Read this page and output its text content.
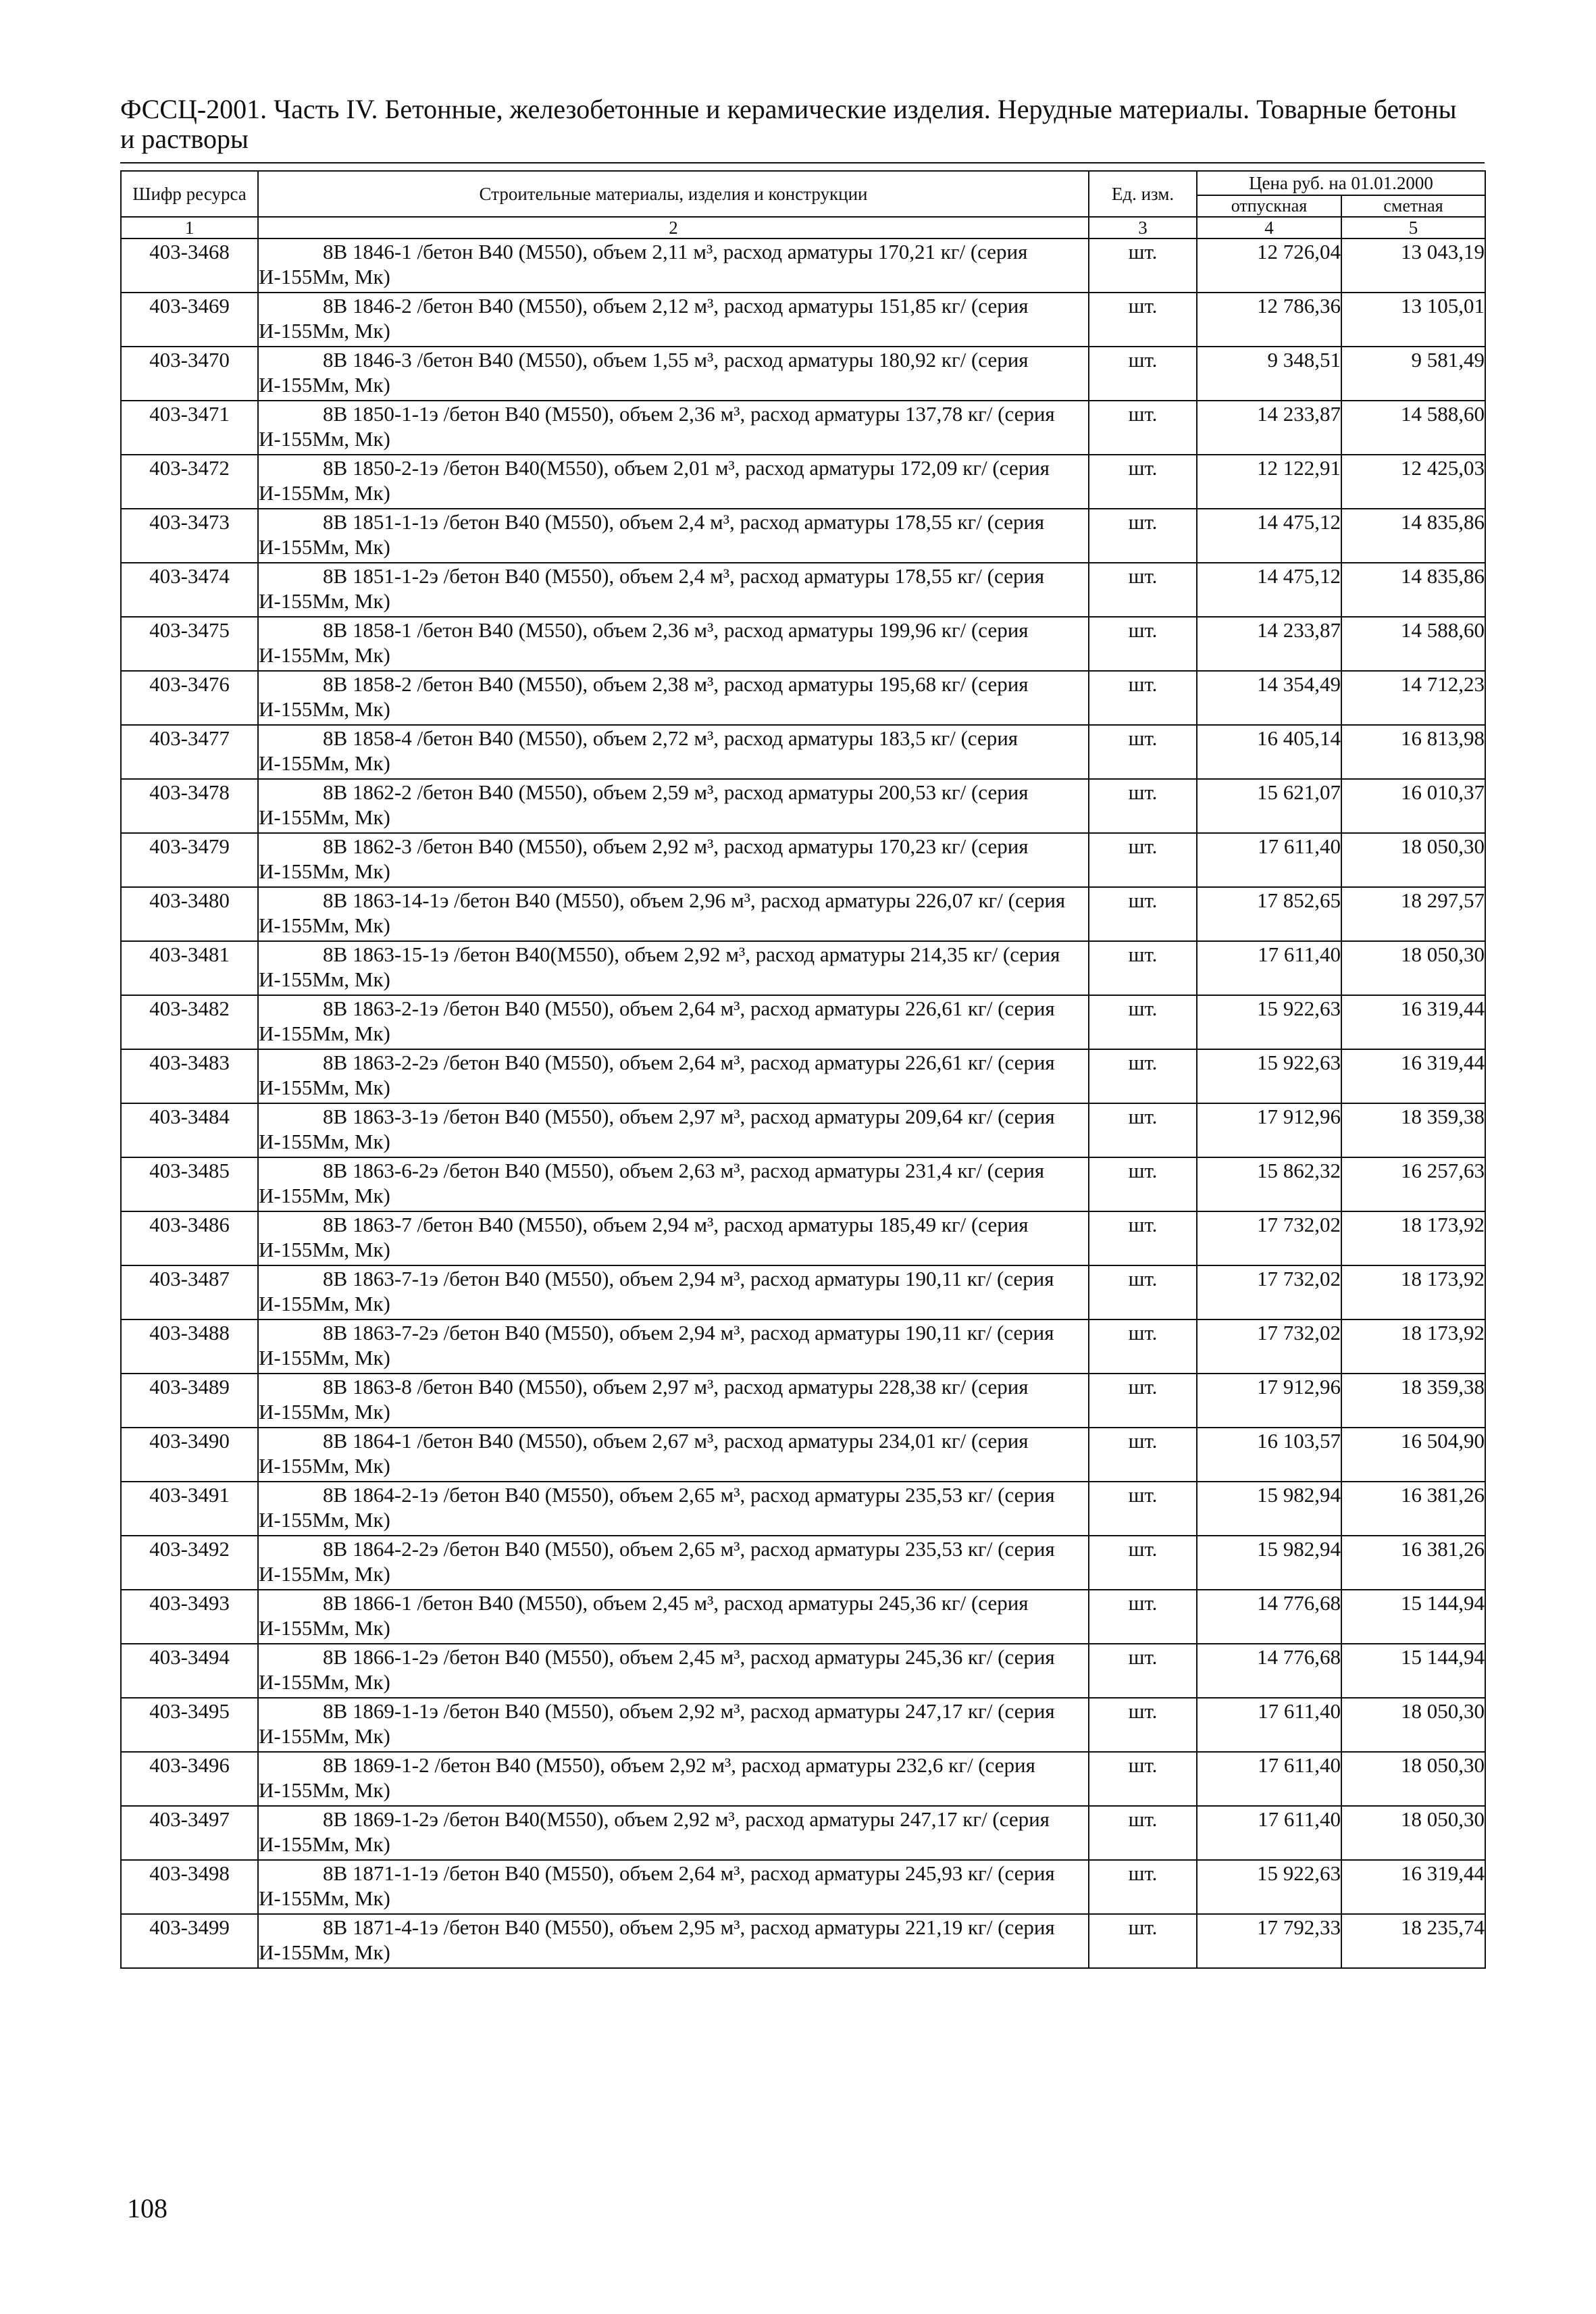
ФССЦ-2001. Часть IV. Бетонные, железобетонные и керамические изделия. Нерудные материалы. Товарные бетоны
и растворы
Шифр ресурса	Строительные материалы, изделия и конструкции	Ед. изм.	Цена руб. на 01.01.2000	
			отпускная	сметная
1	2	3	4	5
403-3468	8В 1846-1 /бетон В40 (М550), объем 2,11 м³, расход арматуры 170,21 кг/ (серия И-155Мм, Мк)	шт.	12 726,04	13 043,19
403-3469	8В 1846-2 /бетон В40 (М550), объем 2,12 м³, расход арматуры 151,85 кг/ (серия И-155Мм, Мк)	шт.	12 786,36	13 105,01
403-3470	8В 1846-3 /бетон В40 (М550), объем 1,55 м³, расход арматуры 180,92 кг/ (серия И-155Мм, Мк)	шт.	9 348,51	9 581,49
403-3471	8В 1850-1-1э /бетон В40 (М550), объем 2,36 м³, расход арматуры 137,78 кг/ (серия И-155Мм, Мк)	шт.	14 233,87	14 588,60
403-3472	8В 1850-2-1э /бетон В40(М550), объем 2,01 м³, расход арматуры 172,09 кг/ (серия И-155Мм, Мк)	шт.	12 122,91	12 425,03
403-3473	8В 1851-1-1э /бетон В40 (М550), объем 2,4 м³, расход арматуры 178,55 кг/ (серия И-155Мм, Мк)	шт.	14 475,12	14 835,86
403-3474	8В 1851-1-2э /бетон В40 (М550), объем 2,4 м³, расход арматуры 178,55 кг/ (серия И-155Мм, Мк)	шт.	14 475,12	14 835,86
403-3475	8В 1858-1 /бетон В40 (М550), объем 2,36 м³, расход арматуры 199,96 кг/ (серия И-155Мм, Мк)	шт.	14 233,87	14 588,60
403-3476	8В 1858-2 /бетон В40 (М550), объем 2,38 м³, расход арматуры 195,68 кг/ (серия И-155Мм, Мк)	шт.	14 354,49	14 712,23
403-3477	8В 1858-4 /бетон В40 (М550), объем 2,72 м³, расход арматуры 183,5 кг/ (серия И-155Мм, Мк)	шт.	16 405,14	16 813,98
403-3478	8В 1862-2 /бетон В40 (М550), объем 2,59 м³, расход арматуры 200,53 кг/ (серия И-155Мм, Мк)	шт.	15 621,07	16 010,37
403-3479	8В 1862-3 /бетон В40 (М550), объем 2,92 м³, расход арматуры 170,23 кг/ (серия И-155Мм, Мк)	шт.	17 611,40	18 050,30
403-3480	8В 1863-14-1э /бетон В40 (М550), объем 2,96 м³, расход арматуры 226,07 кг/ (серия И-155Мм, Мк)	шт.	17 852,65	18 297,57
403-3481	8В 1863-15-1э /бетон В40(М550), объем 2,92 м³, расход арматуры 214,35 кг/ (серия И-155Мм, Мк)	шт.	17 611,40	18 050,30
403-3482	8В 1863-2-1э /бетон В40 (М550), объем 2,64 м³, расход арматуры 226,61 кг/ (серия И-155Мм, Мк)	шт.	15 922,63	16 319,44
403-3483	8В 1863-2-2э /бетон В40 (М550), объем 2,64 м³, расход арматуры 226,61 кг/ (серия И-155Мм, Мк)	шт.	15 922,63	16 319,44
403-3484	8В 1863-3-1э /бетон В40 (М550), объем 2,97 м³, расход арматуры 209,64 кг/ (серия И-155Мм, Мк)	шт.	17 912,96	18 359,38
403-3485	8В 1863-6-2э /бетон В40 (М550), объем 2,63 м³, расход арматуры 231,4 кг/ (серия И-155Мм, Мк)	шт.	15 862,32	16 257,63
403-3486	8В 1863-7 /бетон В40 (М550), объем 2,94 м³, расход арматуры 185,49 кг/ (серия И-155Мм, Мк)	шт.	17 732,02	18 173,92
403-3487	8В 1863-7-1э /бетон В40 (М550), объем 2,94 м³, расход арматуры 190,11 кг/ (серия И-155Мм, Мк)	шт.	17 732,02	18 173,92
403-3488	8В 1863-7-2э /бетон В40 (М550), объем 2,94 м³, расход арматуры 190,11 кг/ (серия И-155Мм, Мк)	шт.	17 732,02	18 173,92
403-3489	8В 1863-8 /бетон В40 (М550), объем 2,97 м³, расход арматуры 228,38 кг/ (серия И-155Мм, Мк)	шт.	17 912,96	18 359,38
403-3490	8В 1864-1 /бетон В40 (М550), объем 2,67 м³, расход арматуры 234,01 кг/ (серия И-155Мм, Мк)	шт.	16 103,57	16 504,90
403-3491	8В 1864-2-1э /бетон В40 (М550), объем 2,65 м³, расход арматуры 235,53 кг/ (серия И-155Мм, Мк)	шт.	15 982,94	16 381,26
403-3492	8В 1864-2-2э /бетон В40 (М550), объем 2,65 м³, расход арматуры 235,53 кг/ (серия И-155Мм, Мк)	шт.	15 982,94	16 381,26
403-3493	8В 1866-1 /бетон В40 (М550), объем 2,45 м³, расход арматуры 245,36 кг/ (серия И-155Мм, Мк)	шт.	14 776,68	15 144,94
403-3494	8В 1866-1-2э /бетон В40 (М550), объем 2,45 м³, расход арматуры 245,36 кг/ (серия И-155Мм, Мк)	шт.	14 776,68	15 144,94
403-3495	8В 1869-1-1э /бетон В40 (М550), объем 2,92 м³, расход арматуры 247,17 кг/ (серия И-155Мм, Мк)	шт.	17 611,40	18 050,30
403-3496	8В 1869-1-2 /бетон В40 (М550), объем 2,92 м³, расход арматуры 232,6 кг/ (серия И-155Мм, Мк)	шт.	17 611,40	18 050,30
403-3497	8В 1869-1-2э /бетон В40(М550), объем 2,92 м³, расход арматуры 247,17 кг/ (серия И-155Мм, Мк)	шт.	17 611,40	18 050,30
403-3498	8В 1871-1-1э /бетон В40 (М550), объем 2,64 м³, расход арматуры 245,93 кг/ (серия И-155Мм, Мк)	шт.	15 922,63	16 319,44
403-3499	8В 1871-4-1э /бетон В40 (М550), объем 2,95 м³, расход арматуры 221,19 кг/ (серия И-155Мм, Мк)	шт.	17 792,33	18 235,74
108
